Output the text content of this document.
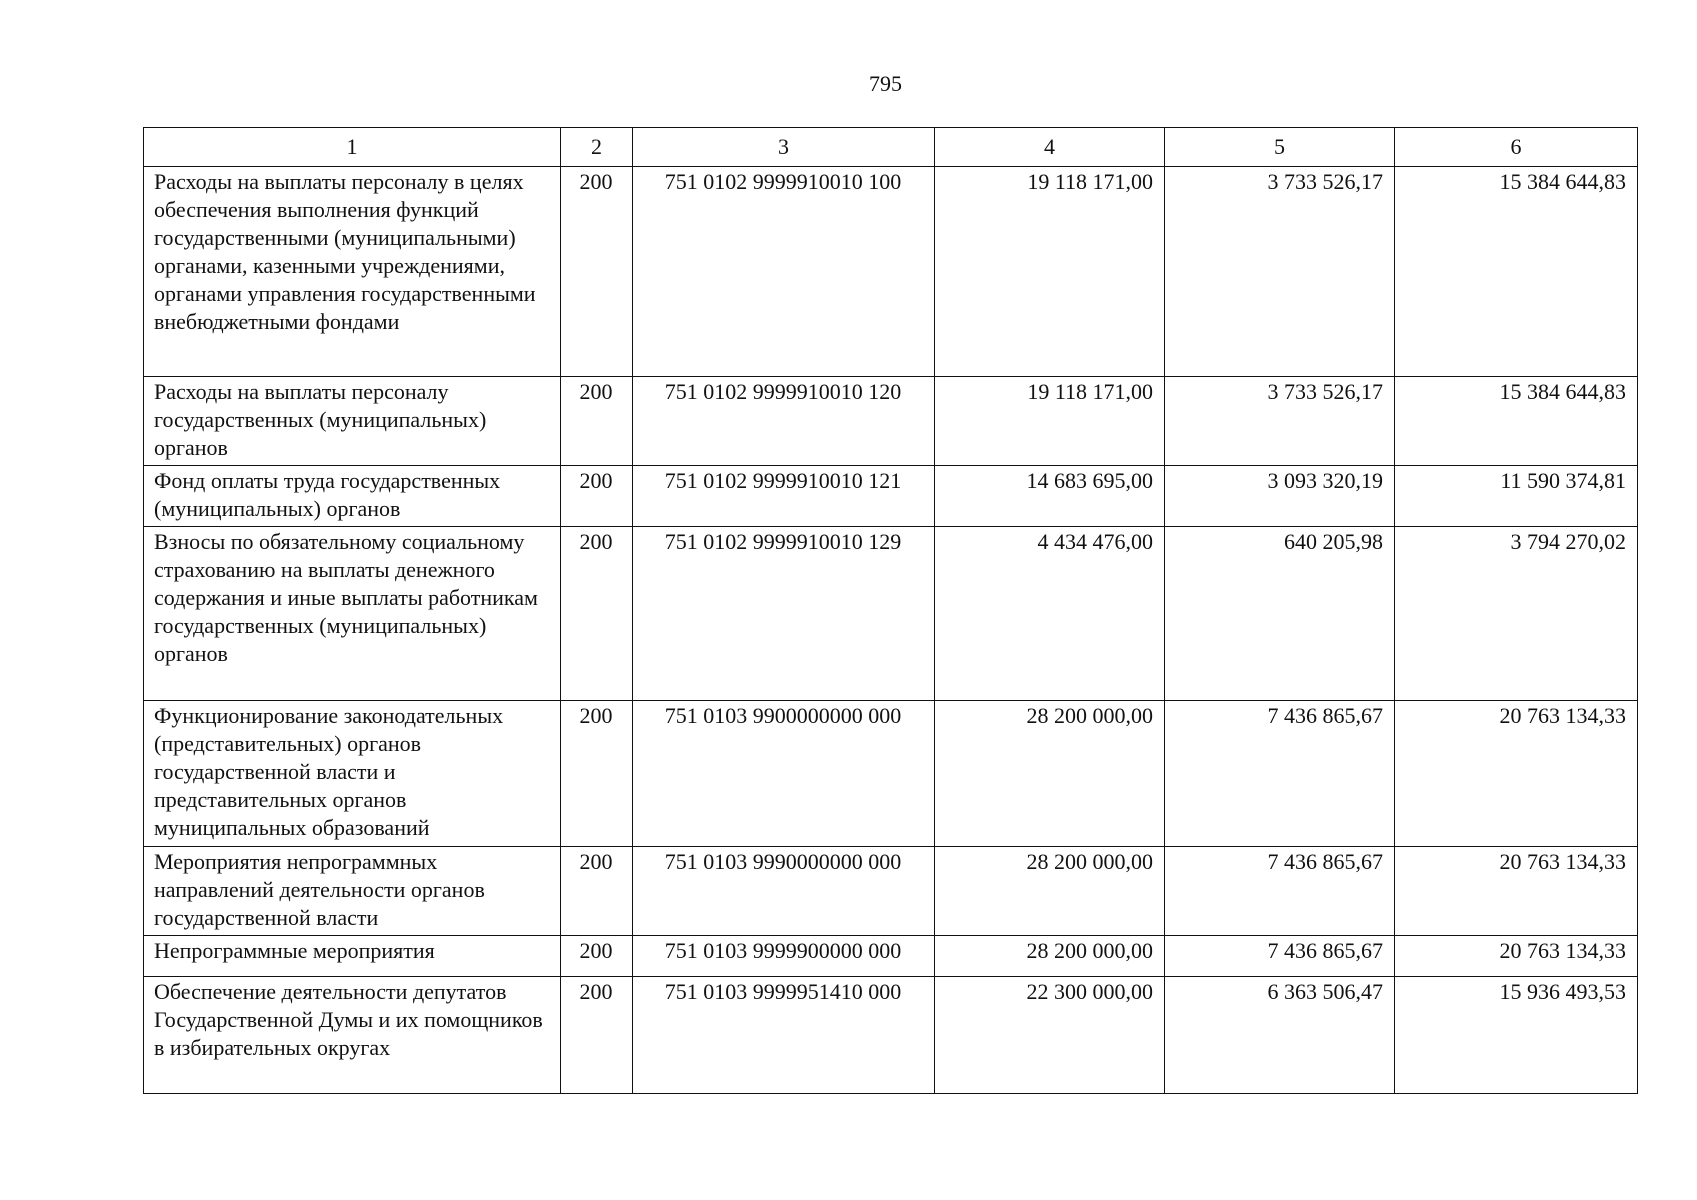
795
1	2	3	4	5	6
Расходы на выплаты персоналу в целях обеспечения выполнения функций государственными (муниципальными) органами, казенными учреждениями, органами управления государственными внебюджетными фондами	200	751 0102 9999910010 100	19 118 171,00	3 733 526,17	15 384 644,83
Расходы на выплаты персоналу государственных (муниципальных) органов	200	751 0102 9999910010 120	19 118 171,00	3 733 526,17	15 384 644,83
Фонд оплаты труда государственных (муниципальных) органов	200	751 0102 9999910010 121	14 683 695,00	3 093 320,19	11 590 374,81
Взносы по обязательному социальному страхованию на выплаты денежного содержания и иные выплаты работникам государственных (муниципальных) органов	200	751 0102 9999910010 129	4 434 476,00	640 205,98	3 794 270,02
Функционирование законодательных (представительных) органов государственной власти и представительных органов муниципальных образований	200	751 0103 9900000000 000	28 200 000,00	7 436 865,67	20 763 134,33
Мероприятия непрограммных направлений деятельности органов государственной власти	200	751 0103 9990000000 000	28 200 000,00	7 436 865,67	20 763 134,33
Непрограммные мероприятия	200	751 0103 9999900000 000	28 200 000,00	7 436 865,67	20 763 134,33
Обеспечение деятельности депутатов Государственной Думы и их помощников в избирательных округах	200	751 0103 9999951410 000	22 300 000,00	6 363 506,47	15 936 493,53
